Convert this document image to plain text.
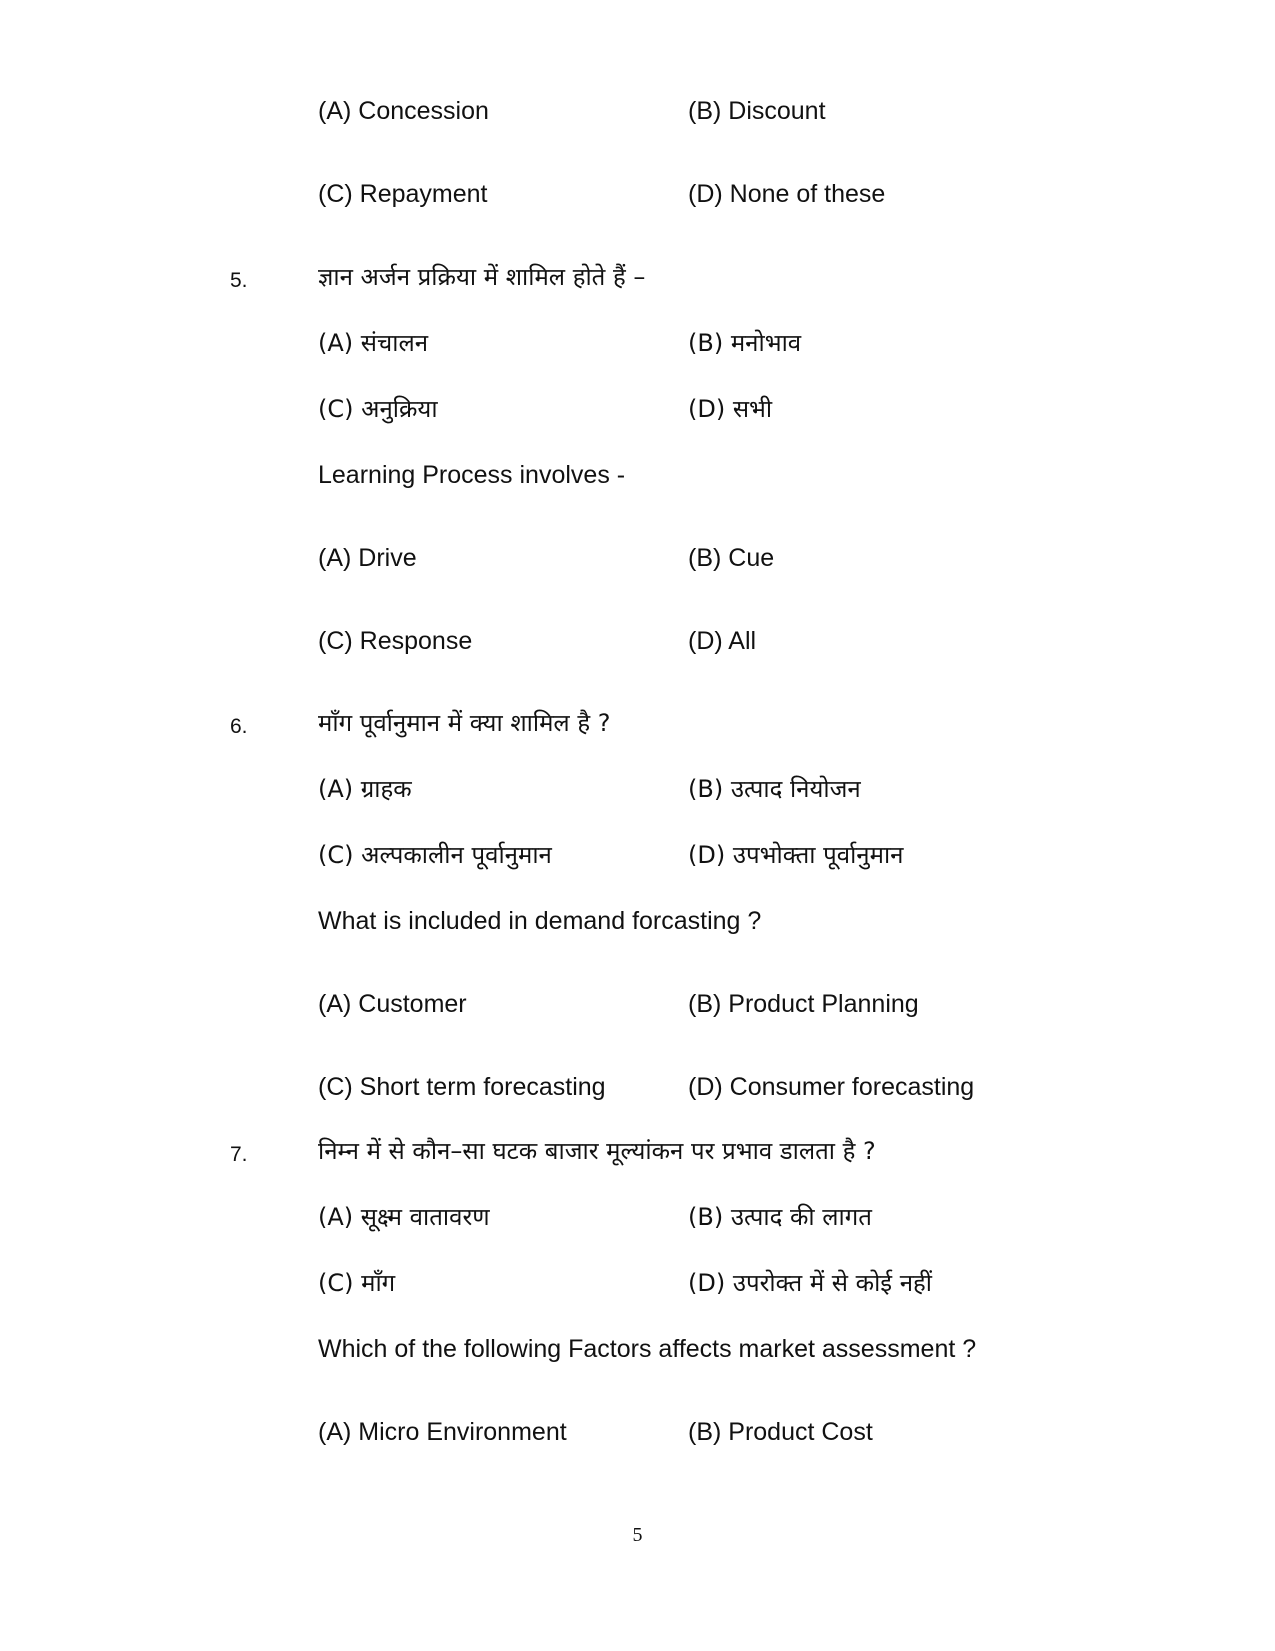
(A) Concession	(B) Discount
(C) Repayment	(D) None of these
5.	ज्ञान अर्जन प्रक्रिया में शामिल होते हैं –
(A) संचालन	(B) मनोभाव
(C) अनुक्रिया	(D) सभी
Learning Process involves -
(A) Drive	(B) Cue
(C) Response	(D) All
6.	माँग पूर्वानुमान में क्या शामिल है ?
(A) ग्राहक	(B) उत्पाद नियोजन
(C) अल्पकालीन पूर्वानुमान	(D) उपभोक्ता पूर्वानुमान
What is included in demand forcasting ?
(A) Customer	(B) Product Planning
(C) Short term forecasting	(D) Consumer forecasting
7.	निम्न में से कौन–सा घटक बाजार मूल्यांकन पर प्रभाव डालता है ?
(A) सूक्ष्म वातावरण	(B) उत्पाद की लागत
(C) माँग	(D) उपरोक्त में से कोई नहीं
Which of the following Factors affects market assessment ?
(A) Micro Environment	(B) Product Cost
5
